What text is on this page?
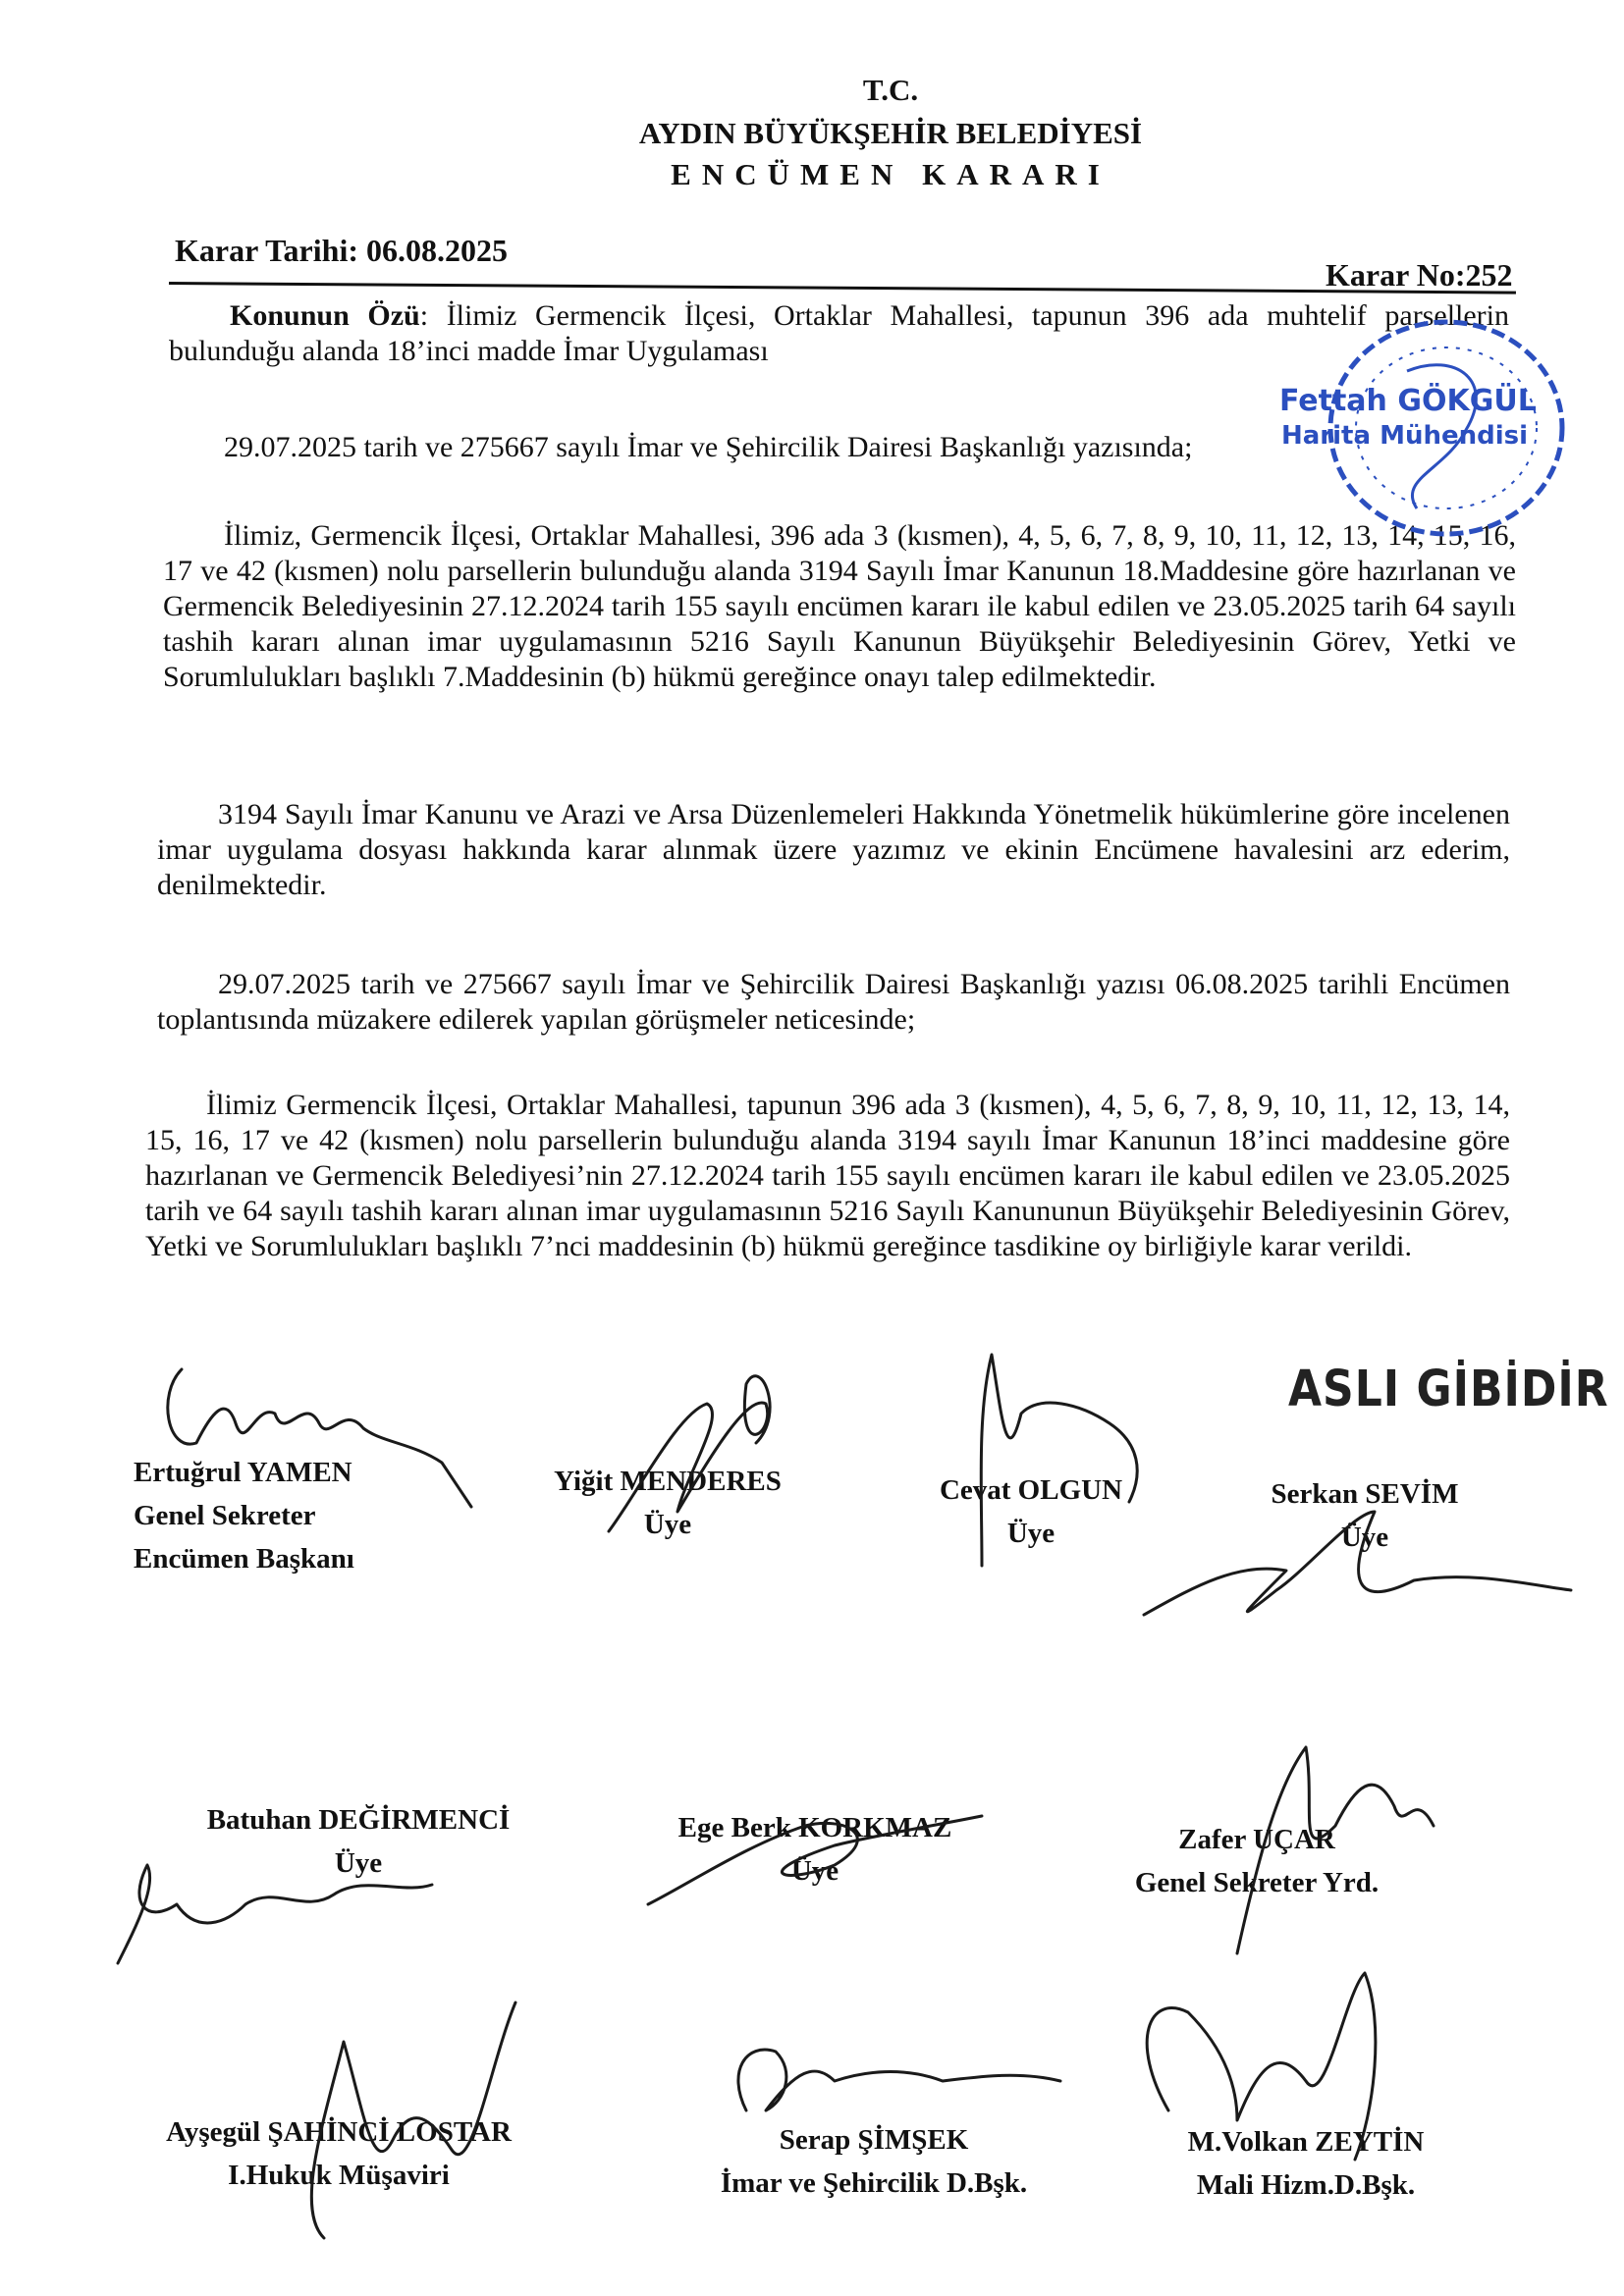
T.C.
AYDIN BÜYÜKŞEHİR BELEDİYESİ
ENCÜMEN KARARI
Karar Tarihi: 06.08.2025
Karar No:252
Konunun Özü: İlimiz Germencik İlçesi, Ortaklar Mahallesi, tapunun 396 ada muhtelif parsellerin bulunduğu alanda 18’inci madde İmar Uygulaması
29.07.2025 tarih ve 275667 sayılı İmar ve Şehircilik Dairesi Başkanlığı yazısında;
İlimiz, Germencik İlçesi, Ortaklar Mahallesi, 396 ada 3 (kısmen), 4, 5, 6, 7, 8, 9, 10, 11, 12, 13, 14, 15, 16, 17 ve 42 (kısmen) nolu parsellerin bulunduğu alanda 3194 Sayılı İmar Kanunun 18.Maddesine göre hazırlanan ve Germencik Belediyesinin 27.12.2024 tarih 155 sayılı encümen kararı ile kabul edilen ve 23.05.2025 tarih 64 sayılı tashih kararı alınan imar uygulamasının 5216 Sayılı Kanunun Büyükşehir Belediyesinin Görev, Yetki ve Sorumlulukları başlıklı 7.Maddesinin (b) hükmü gereğince onayı talep edilmektedir.
3194 Sayılı İmar Kanunu ve Arazi ve Arsa Düzenlemeleri Hakkında Yönetmelik hükümlerine göre incelenen imar uygulama dosyası hakkında karar alınmak üzere yazımız ve ekinin Encümene havalesini arz ederim, denilmektedir.
29.07.2025 tarih ve 275667 sayılı İmar ve Şehircilik Dairesi Başkanlığı yazısı 06.08.2025 tarihli Encümen toplantısında müzakere edilerek yapılan görüşmeler neticesinde;
İlimiz Germencik İlçesi, Ortaklar Mahallesi, tapunun 396 ada 3 (kısmen), 4, 5, 6, 7, 8, 9, 10, 11, 12, 13, 14, 15, 16, 17 ve 42 (kısmen) nolu parsellerin bulunduğu alanda 3194 sayılı İmar Kanunun 18’inci maddesine göre hazırlanan ve Germencik Belediyesi’nin 27.12.2024 tarih 155 sayılı encümen kararı ile kabul edilen ve 23.05.2025 tarih ve 64 sayılı tashih kararı alınan imar uygulamasının 5216 Sayılı Kanununun Büyükşehir Belediyesinin Görev, Yetki ve Sorumlulukları başlıklı 7’nci maddesinin (b) hükmü gereğince tasdikine oy birliğiyle karar verildi.
ASLI GİBİDİR
Fettah GÖKGÜL
Harita Mühendisi
Ertuğrul YAMEN
Genel Sekreter
Encümen Başkanı
Yiğit MENDERES
Üye
Cevat OLGUN
Üye
Serkan SEVİM
Üye
Batuhan DEĞİRMENCİ
Üye
Ege Berk KORKMAZ
Üye
Zafer UÇAR
Genel Sekreter Yrd.
Ayşegül ŞAHİNCİ LOSTAR
I.Hukuk Müşaviri
Serap ŞİMŞEK
İmar ve Şehircilik D.Bşk.
M.Volkan ZEYTİN
Mali Hizm.D.Bşk.
